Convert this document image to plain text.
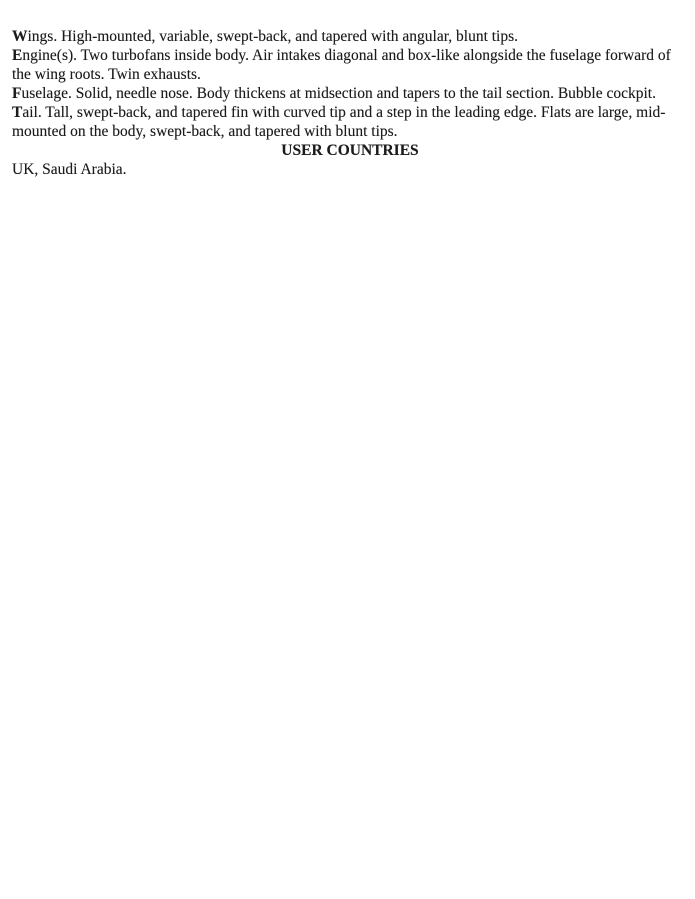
Wings. High-mounted, variable, swept-back, and tapered with angular, blunt tips.

Engine(s). Two turbofans inside body. Air intakes diagonal and box-like alongside the fuselage forward of the wing roots. Twin exhausts.

Fuselage. Solid, needle nose. Body thickens at midsection and tapers to the tail section. Bubble cockpit.

Tail. Tall, swept-back, and tapered fin with curved tip and a step in the leading edge. Flats are large, mid-mounted on the body, swept-back, and tapered with blunt tips.

USER COUNTRIES

UK, Saudi Arabia.
